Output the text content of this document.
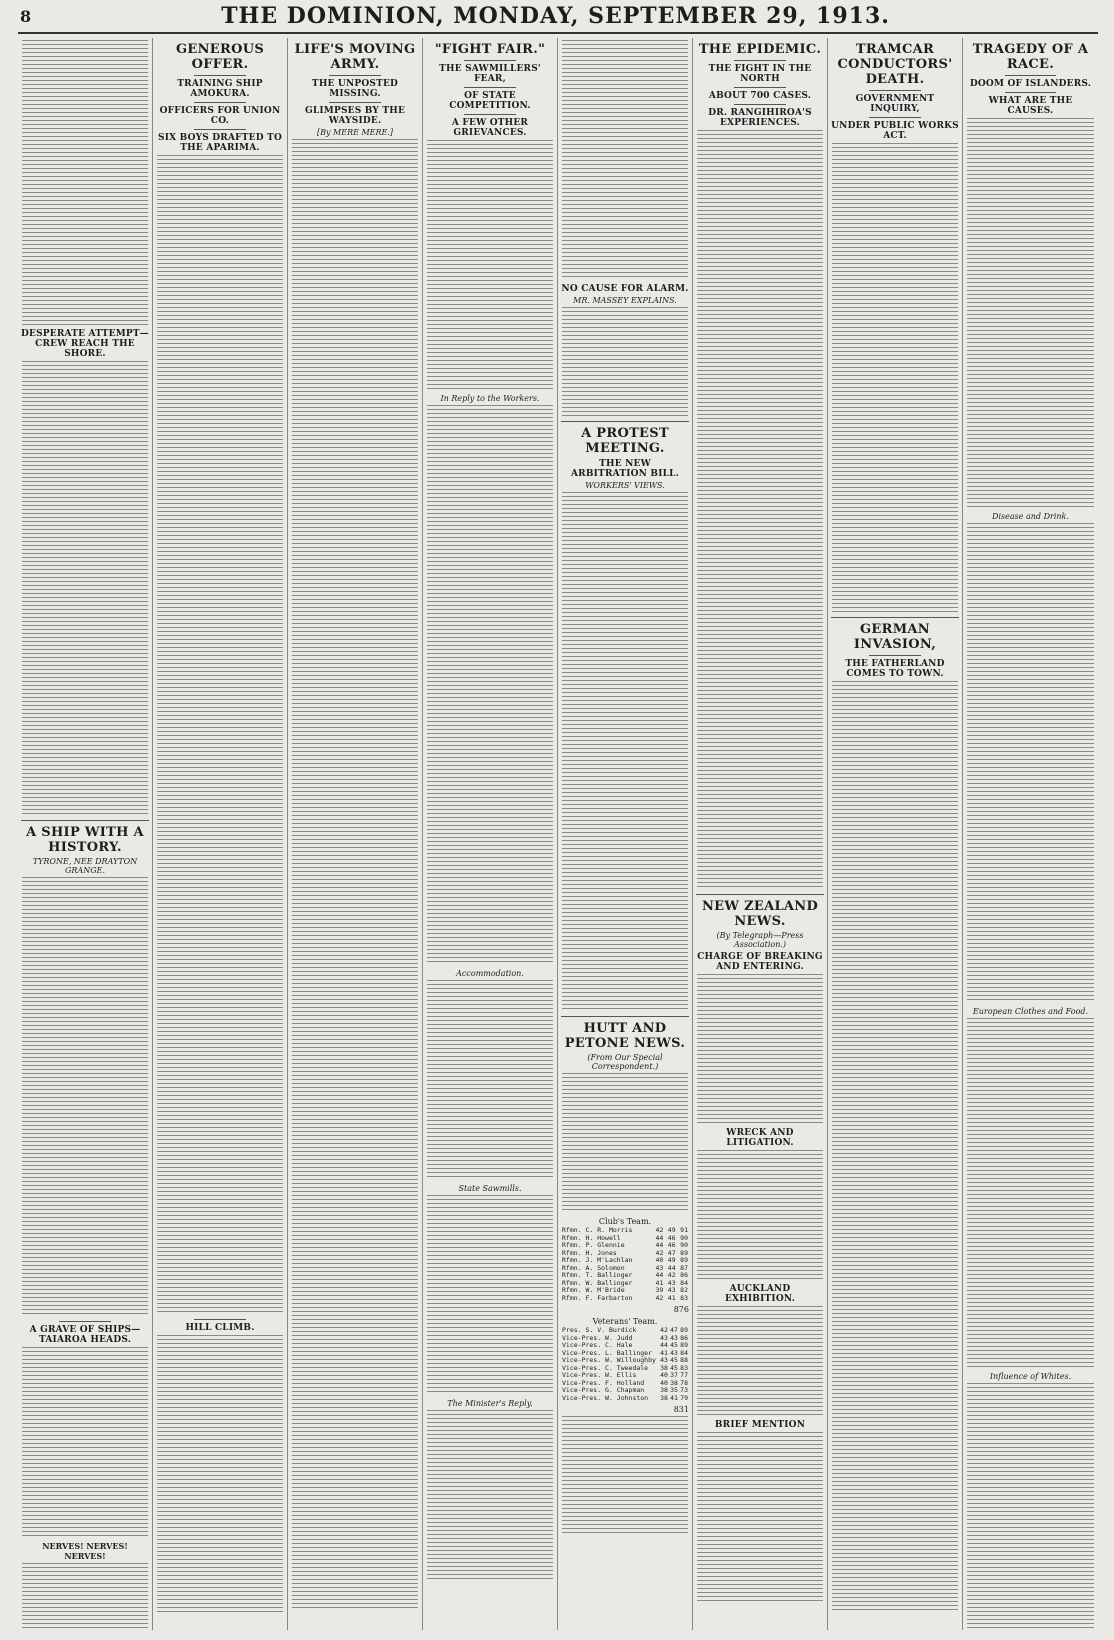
8	THE DOMINION, MONDAY, SEPTEMBER 29, 1913.
DESPERATE ATTEMPT—CREW REACH THE SHORE.
A SHIP WITH A HISTORY.
TYRONE, NEE DRAYTON GRANGE.
A GRAVE OF SHIPS—TAIAROA HEADS.
NERVES! NERVES! NERVES!
GENEROUS OFFER.
TRAINING SHIP AMOKURA.
OFFICERS FOR UNION CO.
SIX BOYS DRAFTED TO THE APARIMA.
HILL CLIMB.
LIFE'S MOVING ARMY.
THE UNPOSTED MISSING.
GLIMPSES BY THE WAYSIDE.
[By MERE MERE.]
"FIGHT FAIR."
THE SAWMILLERS' FEAR,
OF STATE COMPETITION.
A FEW OTHER GRIEVANCES.
In Reply to the Workers.
Accommodation.
State Sawmills.
The Minister's Reply.
NO CAUSE FOR ALARM.
MR. MASSEY EXPLAINS.
A PROTEST MEETING.
THE NEW ARBITRATION BILL.
WORKERS' VIEWS.
HUTT AND PETONE NEWS.
(From Our Special Correspondent.)
Club's Team.
Rfmn. C. R. Morris	42	49	91
Rfmn. H. Howell	44	46	90
Rfmn. P. Glennie	44	46	90
Rfmn. H. Jones	42	47	89
Rfmn. J. M'Lachlan	40	49	89
Rfmn. A. Solomon	43	44	87
Rfmn. T. Ballinger	44	42	86
Rfmn. W. Ballinger	41	43	84
Rfmn. W. M'Bride	39	43	82
Rfmn. F. Farbarton	42	41	83
876
Veterans' Team.
Pres. S. V. Burdick	42	47	89
Vice-Pres. W. Judd	43	43	86
Vice-Pres. C. Hale	44	45	89
Vice-Pres. L. Ballinger	41	43	84
Vice-Pres. W. Willoughby	43	45	88
Vice-Pres. C. Tweedale	38	45	83
Vice-Pres. W. Ellis	40	37	77
Vice-Pres. F. Holland	40	38	78
Vice-Pres. G. Chapman	38	35	73
Vice-Pres. W. Johnston	38	41	79
831
THE EPIDEMIC.
THE FIGHT IN THE NORTH
ABOUT 700 CASES.
DR. RANGIHIROA'S EXPERIENCES.
NEW ZEALAND NEWS.
(By Telegraph—Press Association.)
CHARGE OF BREAKING AND ENTERING.
WRECK AND LITIGATION.
AUCKLAND EXHIBITION.
BRIEF MENTION
TRAMCAR CONDUCTORS' DEATH.
GOVERNMENT INQUIRY,
UNDER PUBLIC WORKS ACT.
GERMAN INVASION,
THE FATHERLAND COMES TO TOWN.
TRAGEDY OF A RACE.
DOOM OF ISLANDERS.
WHAT ARE THE CAUSES.
Disease and Drink.
European Clothes and Food.
Influence of Whites.
